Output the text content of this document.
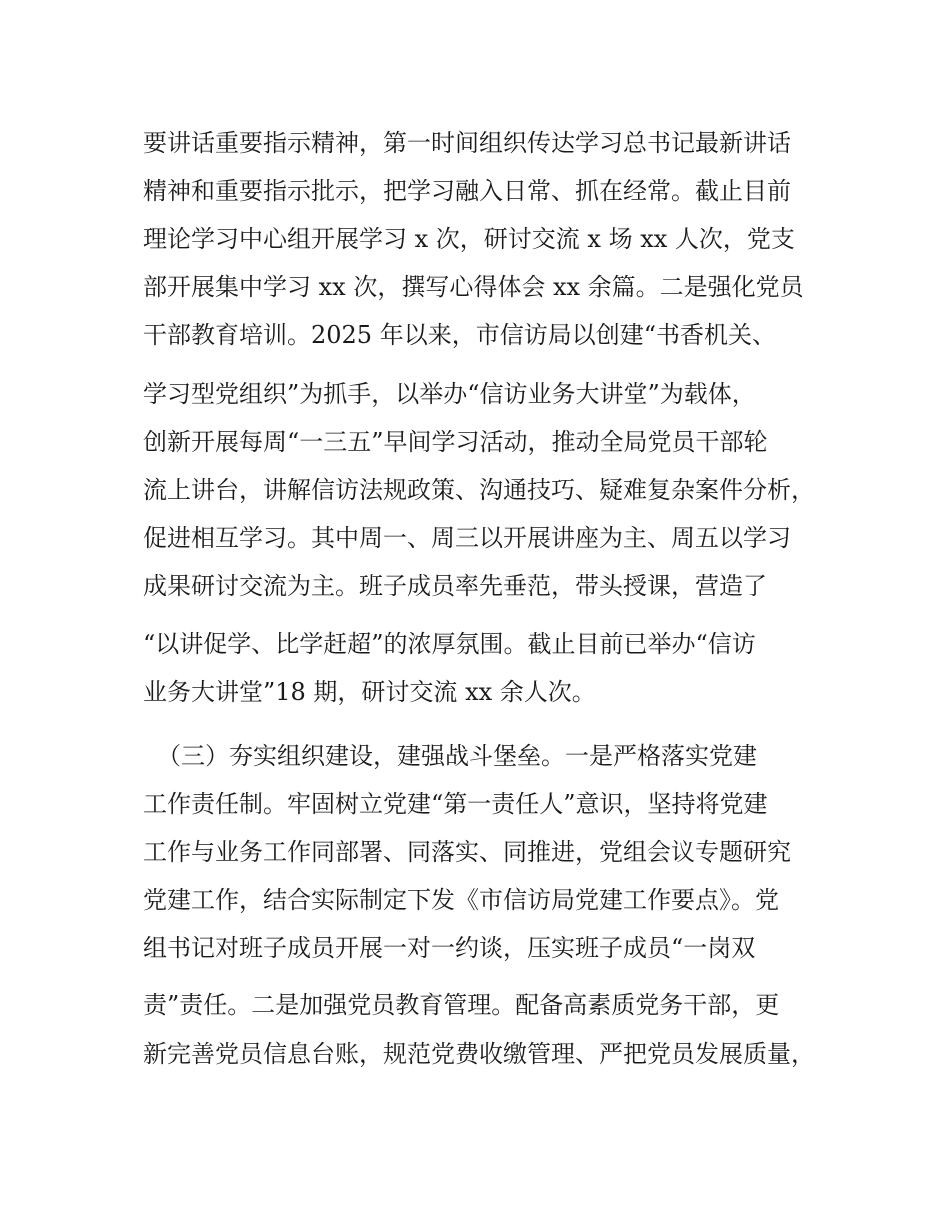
要讲话重要指示精神，第一时间组织传达学习总书记最新讲话
精神和重要指示批示，把学习融入日常、抓在经常。截止目前
理论学习中心组开展学习 x 次，研讨交流 x 场 xx 人次，党支
部开展集中学习 xx 次，撰写心得体会 xx 余篇。二是强化党员
干部教育培训。2025 年以来，市信访局以创建“书香机关、
学习型党组织”为抓手，以举办“信访业务大讲堂”为载体，
创新开展每周“一三五”早间学习活动，推动全局党员干部轮
流上讲台，讲解信访法规政策、沟通技巧、疑难复杂案件分析，
促进相互学习。其中周一、周三以开展讲座为主、周五以学习
成果研讨交流为主。班子成员率先垂范，带头授课，营造了
“以讲促学、比学赶超”的浓厚氛围。截止目前已举办“信访
业务大讲堂”18 期，研讨交流 xx 余人次。
　（三）夯实组织建设，建强战斗堡垒。一是严格落实党建
工作责任制。牢固树立党建“第一责任人”意识，坚持将党建
工作与业务工作同部署、同落实、同推进，党组会议专题研究
党建工作，结合实际制定下发《市信访局党建工作要点》。党
组书记对班子成员开展一对一约谈，压实班子成员“一岗双
责”责任。二是加强党员教育管理。配备高素质党务干部，更
新完善党员信息台账，规范党费收缴管理、严把党员发展质量，
